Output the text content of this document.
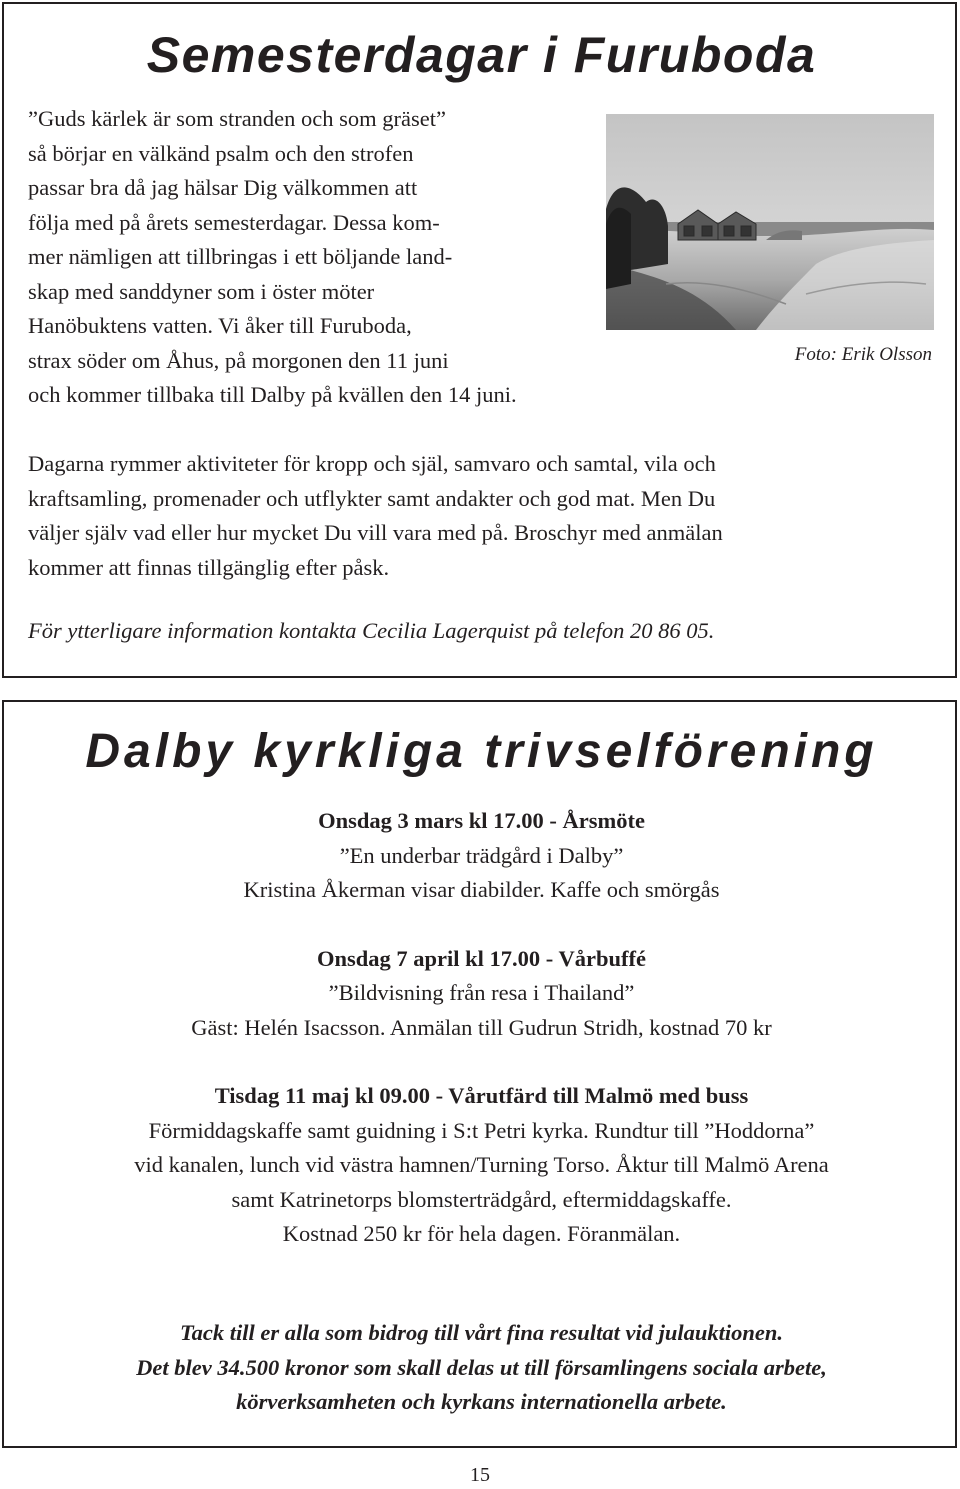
Semesterdagar i Furuboda
”Guds kärlek är som stranden och som gräset”
så börjar en välkänd psalm och den strofen
passar bra då jag hälsar Dig välkommen att
följa med på årets semesterdagar. Dessa kom-
mer nämligen att tillbringas i ett böljande land-
skap med sanddyner som i öster möter
Hanöbuktens vatten. Vi åker till Furuboda,
strax söder om Åhus, på morgonen den 11 juni
och kommer tillbaka till Dalby på kvällen den 14 juni.
Foto: Erik Olsson
Dagarna rymmer aktiviteter för kropp och själ, samvaro och samtal, vila och
kraftsamling, promenader och utflykter samt andakter och god mat. Men Du
väljer själv vad eller hur mycket Du vill vara med på. Broschyr med anmälan
kommer att finnas tillgänglig efter påsk.
För ytterligare information kontakta Cecilia Lagerquist på telefon 20 86 05.
Dalby kyrkliga trivselförening
Onsdag 3 mars kl 17.00 - Årsmöte
”En underbar trädgård i Dalby”
Kristina Åkerman visar diabilder. Kaffe och smörgås
Onsdag 7 april kl 17.00 - Vårbuffé
”Bildvisning från resa i Thailand”
Gäst: Helén Isacsson. Anmälan till Gudrun Stridh, kostnad 70 kr
Tisdag 11 maj kl 09.00 - Vårutfärd till Malmö med buss
Förmiddagskaffe samt guidning i S:t Petri kyrka. Rundtur till ”Hoddorna”
vid kanalen, lunch vid västra hamnen/Turning Torso. Åktur till Malmö Arena
samt Katrinetorps blomsterträdgård, eftermiddagskaffe.
Kostnad 250 kr för hela dagen. Föranmälan.
Tack till er alla som bidrog till vårt fina resultat vid julauktionen.
Det blev 34.500 kronor som skall delas ut till församlingens sociala arbete,
körverksamheten och kyrkans internationella arbete.
15
